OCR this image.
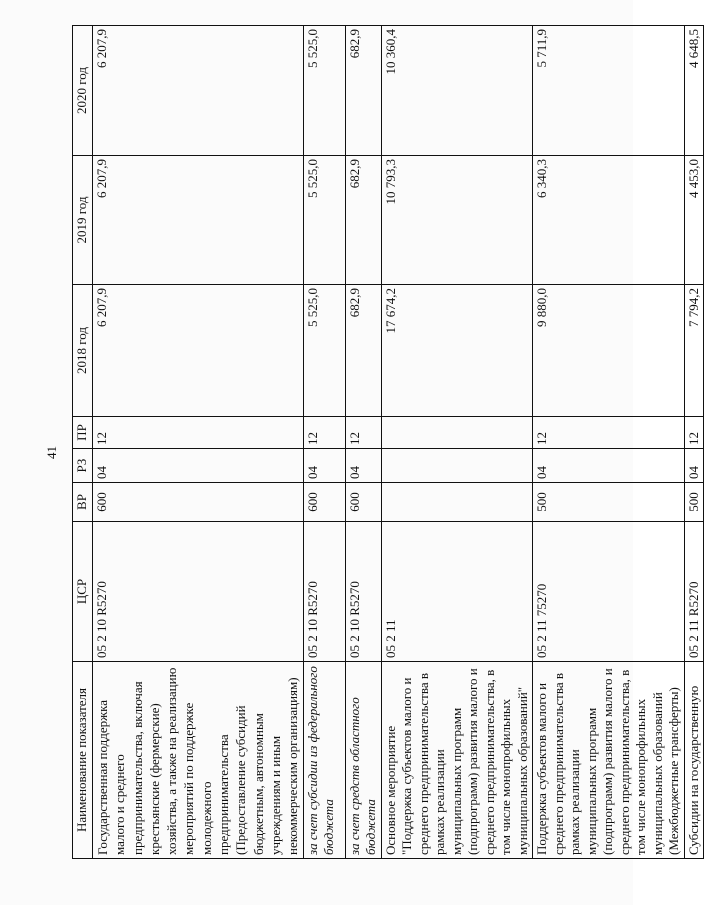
41
Наименование показателя	ЦСР	ВР	РЗ	ПР	2018 год	2019 год	2020 год
Государственная поддержка малого и среднего предпринимательства, включая крестьянские (фермерские) хозяйства, а также на реализацию мероприятий по поддержке молодежного предпринимательства (Предоставление субсидий бюджетным, автономным учреждениям и иным некоммерческим организациям)	05 2 10 R5270	600	04	12	6 207,9	6 207,9	6 207,9
за счет субсидии из федерального бюджета	05 2 10 R5270	600	04	12	5 525,0	5 525,0	5 525,0
за счет средств областного бюджета	05 2 10 R5270	600	04	12	682,9	682,9	682,9
Основное мероприятие "Поддержка субъектов малого и среднего предпринимательства в рамках реализации муниципальных программ (подпрограмм) развития малого и среднего предпринимательства, в том числе монопрофильных муниципальных образований"	05 2 11				17 674,2	10 793,3	10 360,4
Поддержка субъектов малого и среднего предпринимательства в рамках реализации муниципальных программ (подпрограмм) развития малого и среднего предпринимательства, в том числе монопрофильных муниципальных образований (Межбюджетные трансферты)	05 2 11 75270	500	04	12	9 880,0	6 340,3	5 711,9
Субсидии на государственную	05 2 11 R5270	500	04	12	7 794,2	4 453,0	4 648,5
